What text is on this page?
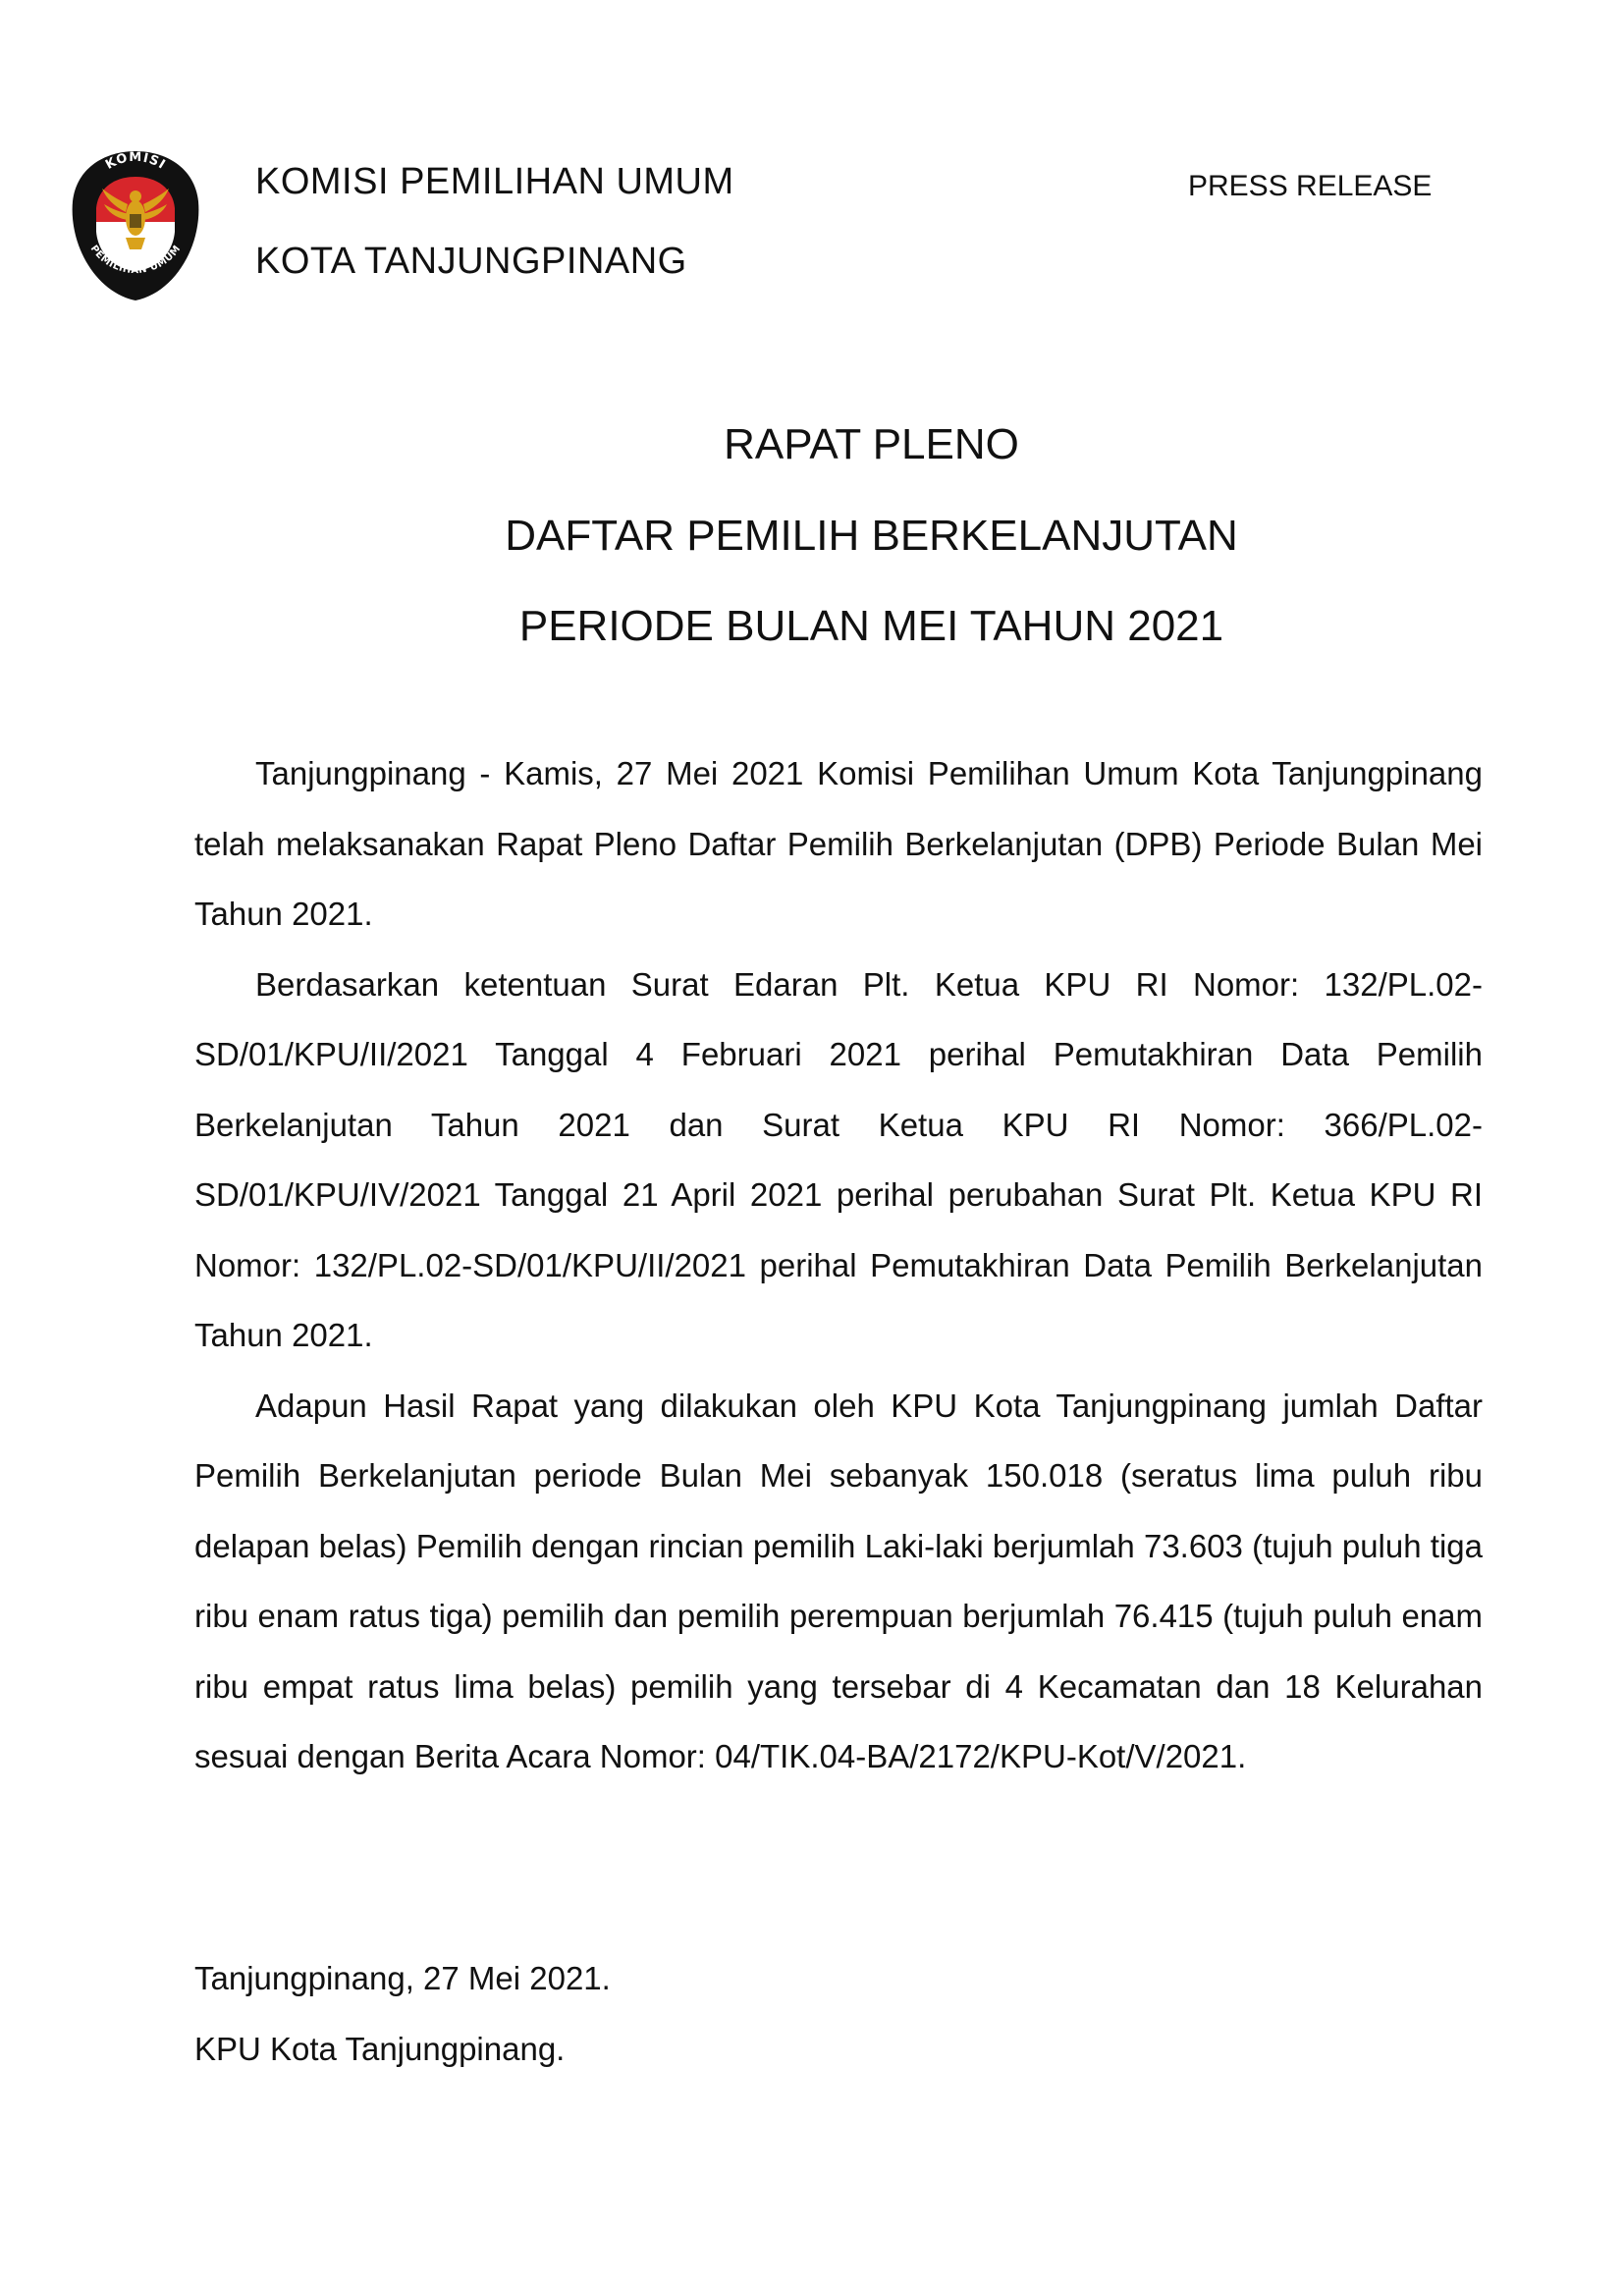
KOMISI
PEMILIHAN UMUM
KOMISI PEMILIHAN UMUM
KOTA TANJUNGPINANG
PRESS RELEASE
RAPAT PLENO
DAFTAR PEMILIH BERKELANJUTAN
PERIODE BULAN MEI TAHUN 2021

Tanjungpinang - Kamis, 27 Mei 2021 Komisi Pemilihan Umum Kota Tanjungpinang telah melaksanakan Rapat Pleno Daftar Pemilih Berkelanjutan (DPB) Periode Bulan Mei Tahun 2021.

Berdasarkan ketentuan Surat Edaran Plt. Ketua KPU RI Nomor: 132/PL.02-SD/01/KPU/II/2021 Tanggal 4 Februari 2021 perihal Pemutakhiran Data Pemilih Berkelanjutan Tahun 2021 dan Surat Ketua KPU RI Nomor: 366/PL.02-SD/01/KPU/IV/2021 Tanggal 21 April 2021 perihal perubahan Surat Plt. Ketua KPU RI Nomor: 132/PL.02-SD/01/KPU/II/2021 perihal Pemutakhiran Data Pemilih Berkelanjutan Tahun 2021.

Adapun Hasil Rapat yang dilakukan oleh KPU Kota Tanjungpinang jumlah Daftar Pemilih Berkelanjutan periode Bulan Mei sebanyak 150.018 (seratus lima puluh ribu delapan belas) Pemilih dengan rincian pemilih Laki-laki berjumlah 73.603 (tujuh puluh tiga ribu enam ratus tiga) pemilih dan pemilih perempuan berjumlah 76.415 (tujuh puluh enam ribu empat ratus lima belas) pemilih yang tersebar di 4 Kecamatan dan 18 Kelurahan sesuai dengan Berita Acara Nomor: 04/TIK.04-BA/2172/KPU-Kot/V/2021.

Tanjungpinang, 27 Mei 2021.
KPU Kota Tanjungpinang.
